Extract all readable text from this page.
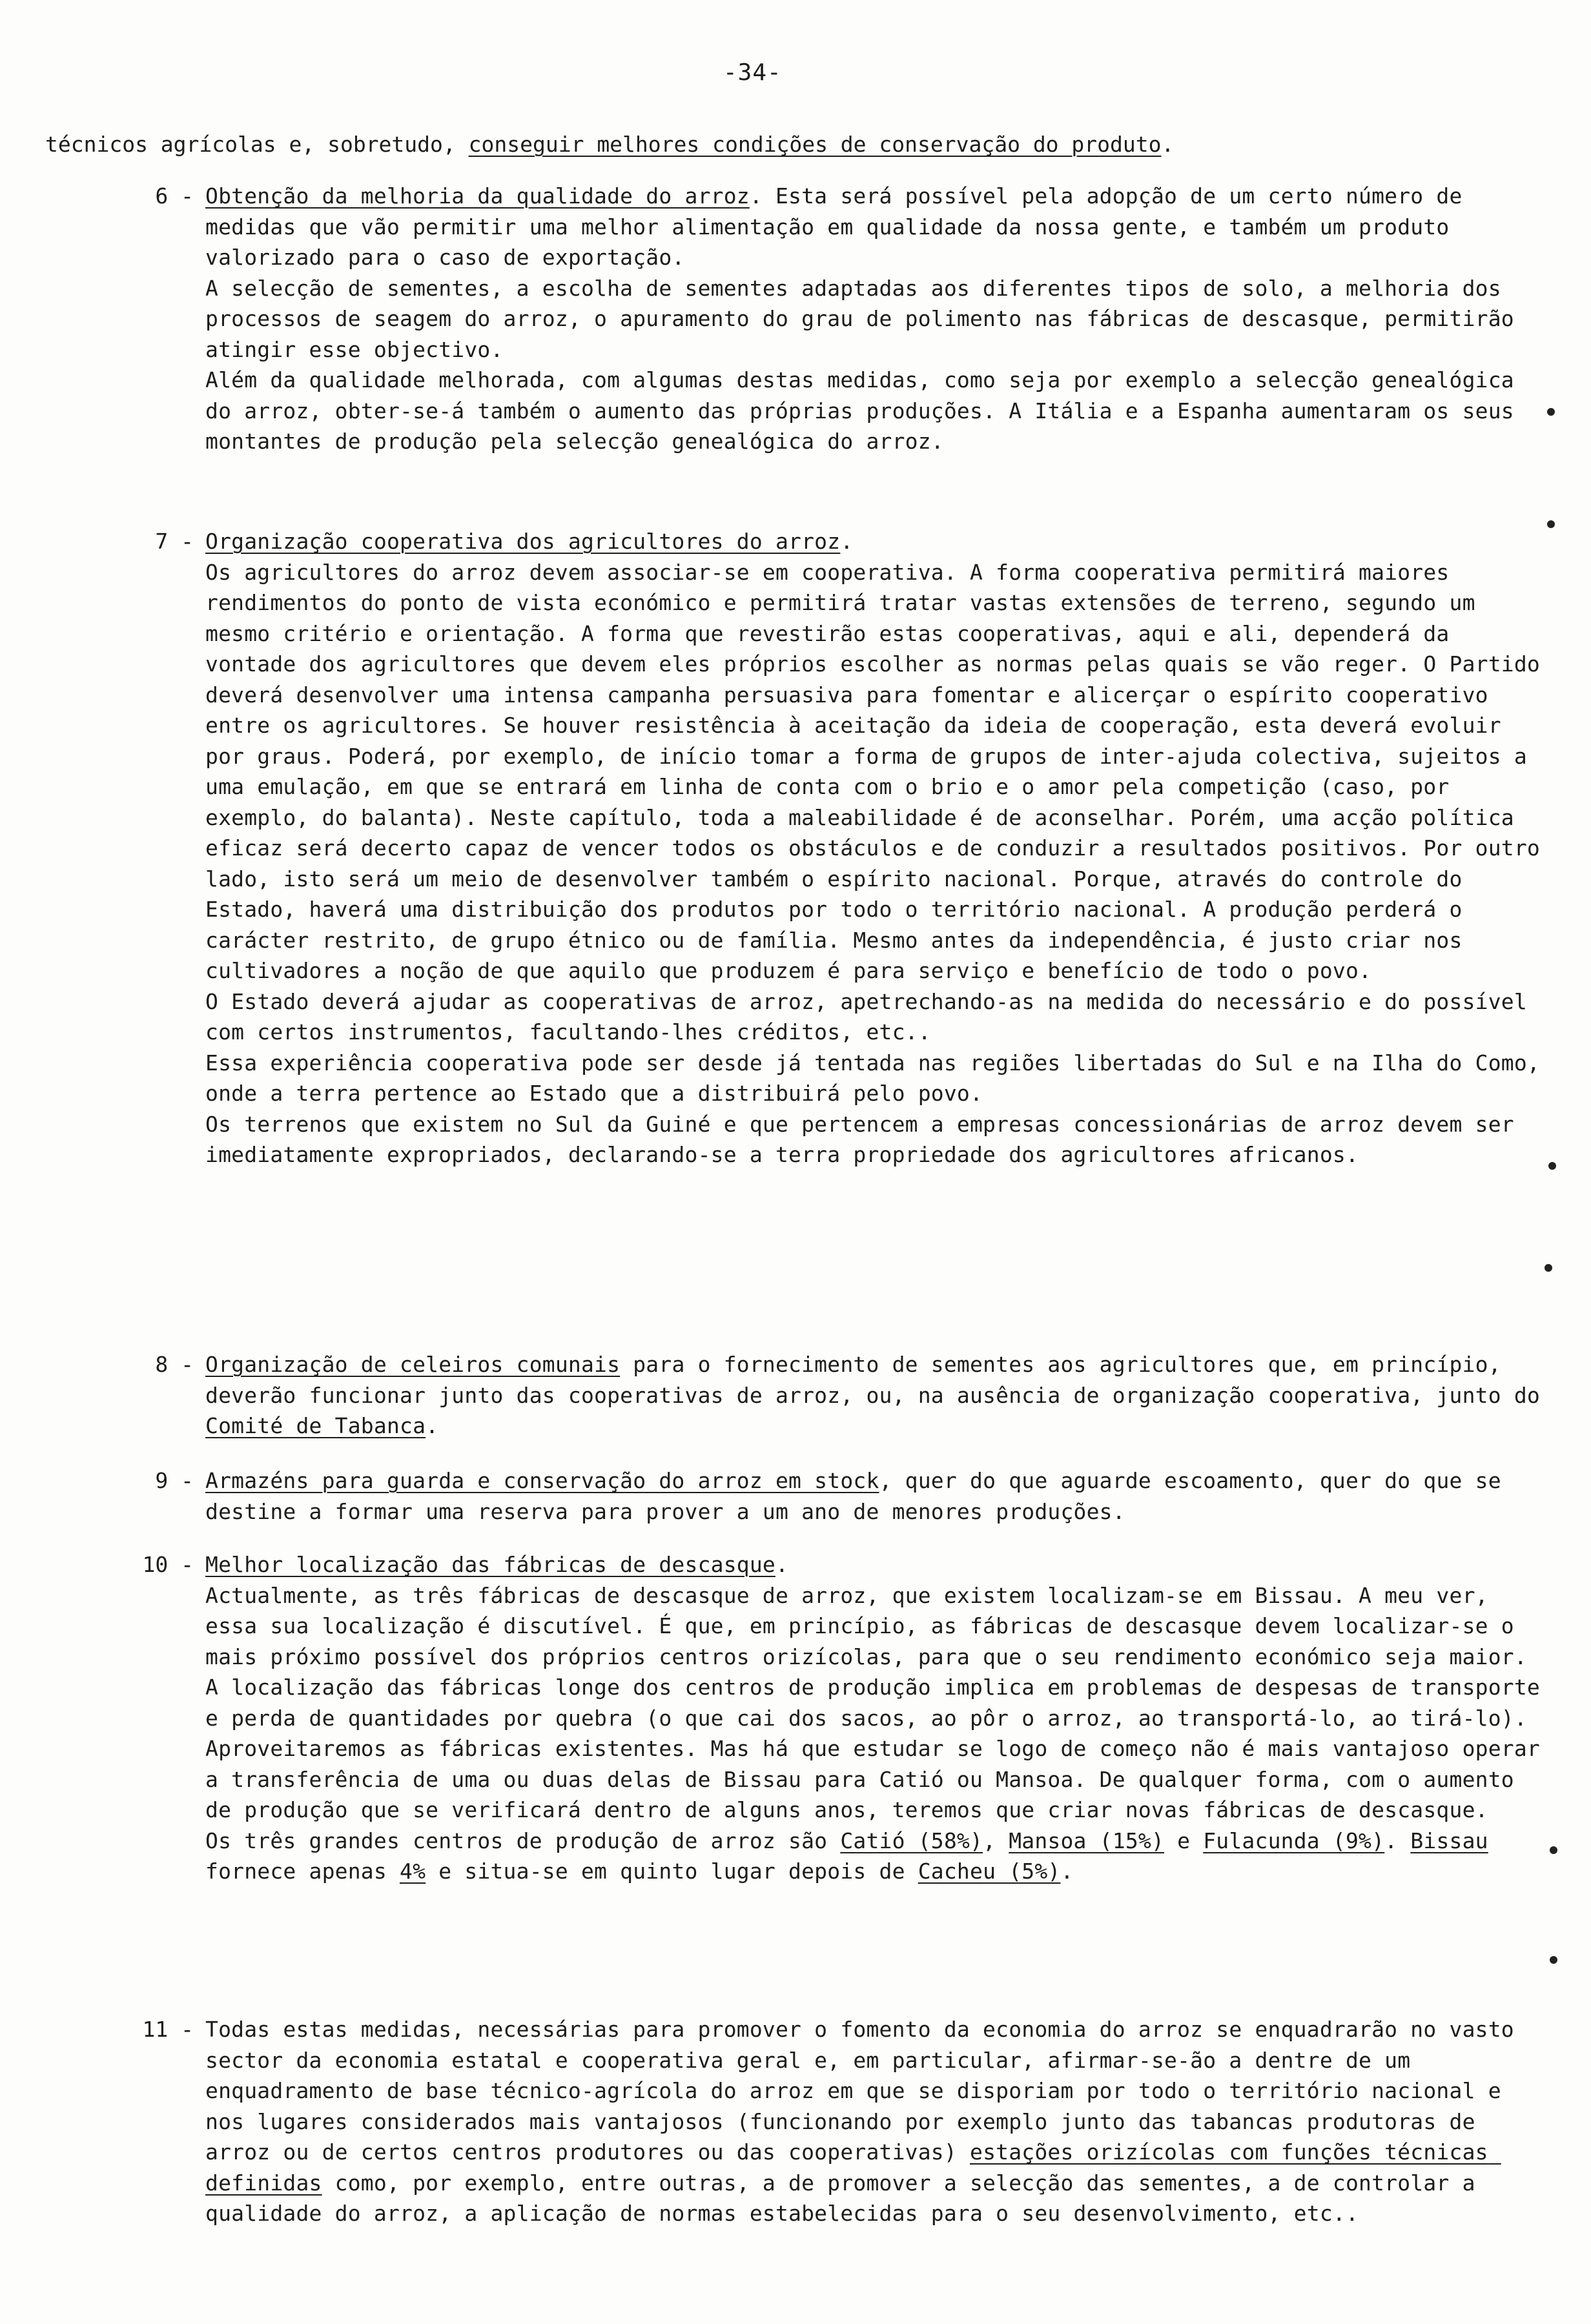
-34-
técnicos agrícolas e, sobretudo, conseguir melhores condições de conservação do produto.
6 - Obtenção da melhoria da qualidade do arroz. Esta será possível pela adopção de um certo número de medidas que vão permitir uma melhor alimentação em qualidade da nossa gente, e também um produto valorizado para o caso de exportação.
A selecção de sementes, a escolha de sementes adaptadas aos diferentes tipos de solo, a melhoria dos processos de seagem do arroz, o apuramento do grau de polimento nas fábricas de descasque, permitirão atingir esse objectivo.
Além da qualidade melhorada, com algumas destas medidas, como seja por exemplo a selecção genealógica do arroz, obter-se-á também o aumento das próprias produções. A Itália e a Espanha aumentaram os seus montantes de produção pela selecção genealógica do arroz.
7 - Organização cooperativa dos agricultores do arroz.
Os agricultores do arroz devem associar-se em cooperativa. A forma cooperativa permitirá maiores rendimentos do ponto de vista económico e permitirá tratar vastas extensões de terreno, segundo um mesmo critério e orientação. A forma que revestirão estas cooperativas, aqui e ali, dependerá da vontade dos agricultores que devem eles próprios escolher as normas pelas quais se vão reger. O Partido deverá desenvolver uma intensa campanha persuasiva para fomentar e alicerçar o espírito cooperativo entre os agricultores. Se houver resistência à aceitação da ideia de cooperação, esta deverá evoluir por graus. Poderá, por exemplo, de início tomar a forma de grupos de inter-ajuda colectiva, sujeitos a uma emulação, em que se entrará em linha de conta com o brio e o amor pela competição (caso, por exemplo, do balanta). Neste capítulo, toda a maleabilidade é de aconselhar. Porém, uma acção política eficaz será decerto capaz de vencer todos os obstáculos e de conduzir a resultados positivos. Por outro lado, isto será um meio de desenvolver também o espírito nacional. Porque, através do controle do Estado, haverá uma distribuição dos produtos por todo o território nacional. A produção perderá o carácter restrito, de grupo étnico ou de família. Mesmo antes da independência, é justo criar nos cultivadores a noção de que aquilo que produzem é para serviço e benefício de todo o povo.
O Estado deverá ajudar as cooperativas de arroz, apetrechando-as na medida do necessário e do possível com certos instrumentos, facultando-lhes créditos, etc..
Essa experiência cooperativa pode ser desde já tentada nas regiões libertadas do Sul e na Ilha do Como, onde a terra pertence ao Estado que a distribuirá pelo povo.
Os terrenos que existem no Sul da Guiné e que pertencem a empresas concessionárias de arroz devem ser imediatamente expropriados, declarando-se a terra propriedade dos agricultores africanos.
8 - Organização de celeiros comunais para o fornecimento de sementes aos agricultores que, em princípio, deverão funcionar junto das cooperativas de arroz, ou, na ausência de organização cooperativa, junto do Comité de Tabanca.
9 - Armazéns para guarda e conservação do arroz em stock, quer do que aguarde escoamento, quer do que se destine a formar uma reserva para prover a um ano de menores produções.
10 - Melhor localização das fábricas de descasque.
Actualmente, as três fábricas de descasque de arroz, que existem localizam-se em Bissau. A meu ver, essa sua localização é discutível. É que, em princípio, as fábricas de descasque devem localizar-se o mais próximo possível dos próprios centros orizícolas, para que o seu rendimento económico seja maior. A localização das fábricas longe dos centros de produção implica em problemas de despesas de transporte e perda de quantidades por quebra (o que cai dos sacos, ao pôr o arroz, ao transportá-lo, ao tirá-lo).
Aproveitaremos as fábricas existentes. Mas há que estudar se logo de começo não é mais vantajoso operar a transferência de uma ou duas delas de Bissau para Catió ou Mansoa. De qualquer forma, com o aumento de produção que se verificará dentro de alguns anos, teremos que criar novas fábricas de descasque.
Os três grandes centros de produção de arroz são Catió (58%), Mansoa (15%) e Fulacunda (9%). Bissau fornece apenas 4% e situa-se em quinto lugar depois de Cacheu (5%).
11 - Todas estas medidas, necessárias para promover o fomento da economia do arroz se enquadrarão no vasto sector da economia estatal e cooperativa geral e, em particular, afirmar-se-ão a dentre de um enquadramento de base técnico-agrícola do arroz em que se disporiam por todo o território nacional e nos lugares considerados mais vantajosos (funcionando por exemplo junto das tabancas produtoras de arroz ou de certos centros produtores ou das cooperativas) estações orizícolas com funções técnicas definidas como, por exemplo, entre outras, a de promover a selecção das sementes, a de controlar a qualidade do arroz, a aplicação de normas estabelecidas para o seu desenvolvimento, etc..
